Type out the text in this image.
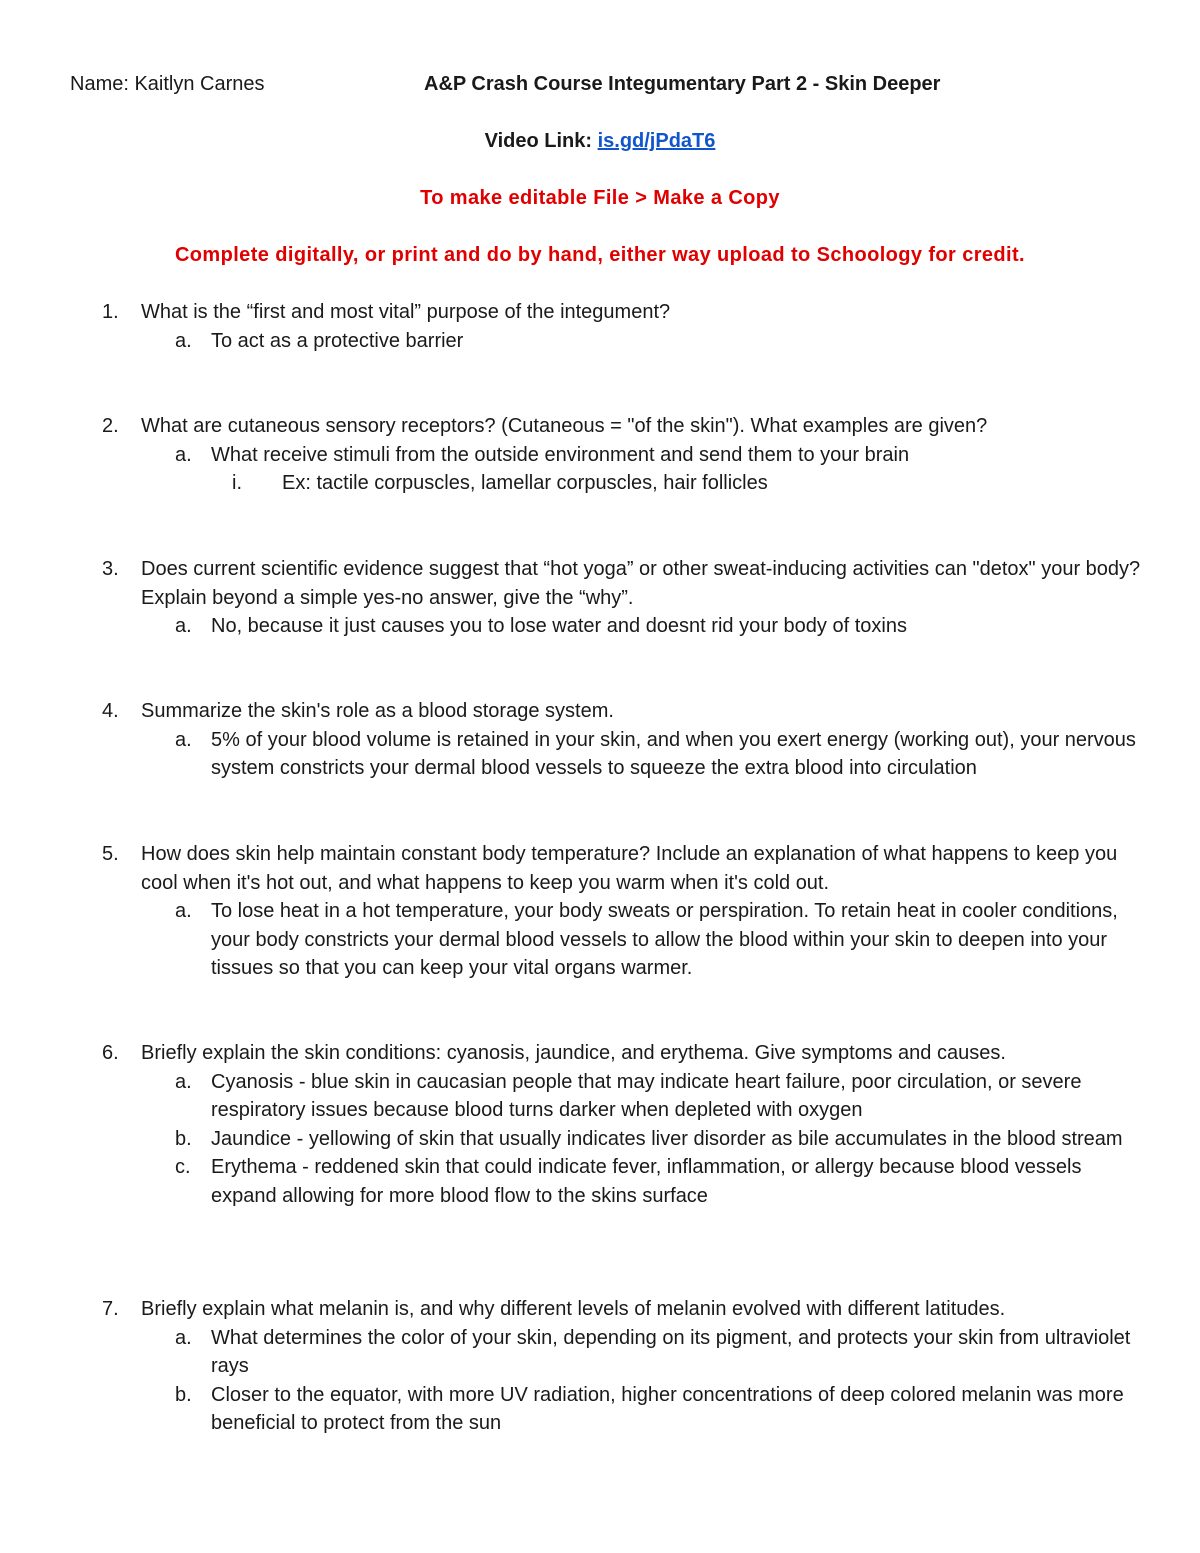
Name: Kaitlyn Carnes	A&P Crash Course Integumentary Part 2 - Skin Deeper
Video Link: is.gd/jPdaT6
To make editable File > Make a Copy
Complete digitally, or print and do by hand, either way upload to Schoology for credit.
1.	What is the “first and most vital” purpose of the integument?
a. To act as a protective barrier
2.	What are cutaneous sensory receptors? (Cutaneous = "of the skin"). What examples are given?
a. What receive stimuli from the outside environment and send them to your brain
i.	Ex: tactile corpuscles, lamellar corpuscles, hair follicles
3.	Does current scientific evidence suggest that “hot yoga” or other sweat-inducing activities can "detox" your body? Explain beyond a simple yes-no answer, give the “why”.
a. No, because it just causes you to lose water and doesnt rid your body of toxins
4.	Summarize the skin's role as a blood storage system.
a. 5% of your blood volume is retained in your skin, and when you exert energy (working out), your nervous system constricts your dermal blood vessels to squeeze the extra blood into circulation
5.	How does skin help maintain constant body temperature? Include an explanation of what happens to keep you cool when it's hot out, and what happens to keep you warm when it's cold out.
a. To lose heat in a hot temperature, your body sweats or perspiration. To retain heat in cooler conditions, your body constricts your dermal blood vessels to allow the blood within your skin to deepen into your tissues so that you can keep your vital organs warmer.
6.	Briefly explain the skin conditions: cyanosis, jaundice, and erythema. Give symptoms and causes.
a. Cyanosis - blue skin in caucasian people that may indicate heart failure, poor circulation, or severe respiratory issues because blood turns darker when depleted with oxygen
b. Jaundice - yellowing of skin that usually indicates liver disorder as bile accumulates in the blood stream
c.	Erythema - reddened skin that could indicate fever, inflammation, or allergy because blood vessels expand allowing for more blood flow to the skins surface
7.	Briefly explain what melanin is, and why different levels of melanin evolved with different latitudes.
a. What determines the color of your skin, depending on its pigment, and protects your skin from ultraviolet rays
b. Closer to the equator, with more UV radiation, higher concentrations of deep colored melanin was more beneficial to protect from the sun
